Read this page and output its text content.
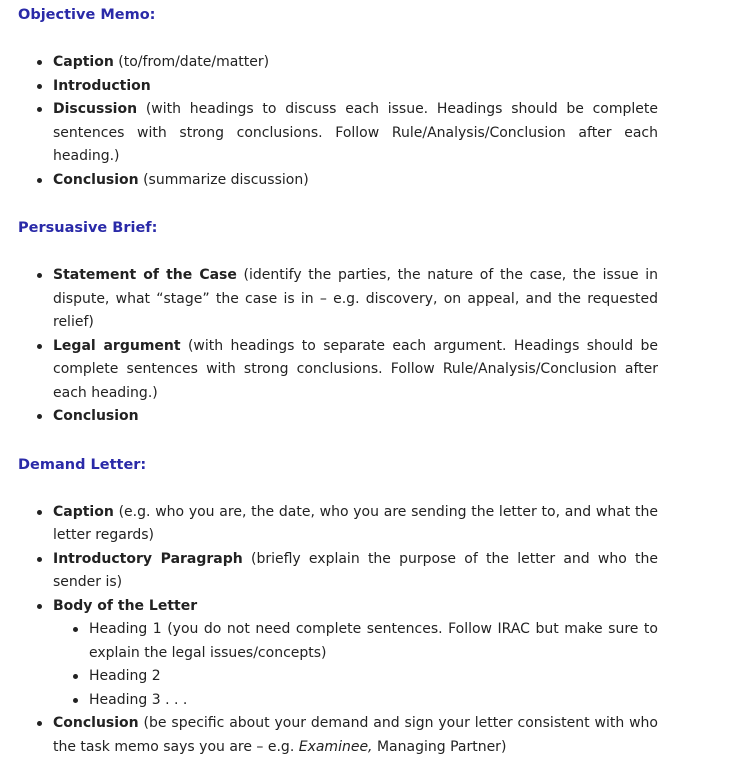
Objective Memo:

Caption (to/from/date/matter)
Introduction
Discussion (with headings to discuss each issue. Headings should be complete sentences with strong conclusions. Follow Rule/Analysis/Conclusion after each heading.)
Conclusion (summarize discussion)

Persuasive Brief:

Statement of the Case (identify the parties, the nature of the case, the issue in dispute, what “stage” the case is in – e.g. discovery, on appeal, and the requested relief)
Legal argument (with headings to separate each argument. Headings should be complete sentences with strong conclusions. Follow Rule/Analysis/Conclusion after each heading.)
Conclusion

Demand Letter:

Caption (e.g. who you are, the date, who you are sending the letter to, and what the letter regards)
Introductory Paragraph (briefly explain the purpose of the letter and who the sender is)
Body of the Letter
Heading 1 (you do not need complete sentences. Follow IRAC but make sure to explain the legal issues/concepts)
Heading 2
Heading 3 . . .
Conclusion (be specific about your demand and sign your letter consistent with who the task memo says you are – e.g. Examinee, Managing Partner)
